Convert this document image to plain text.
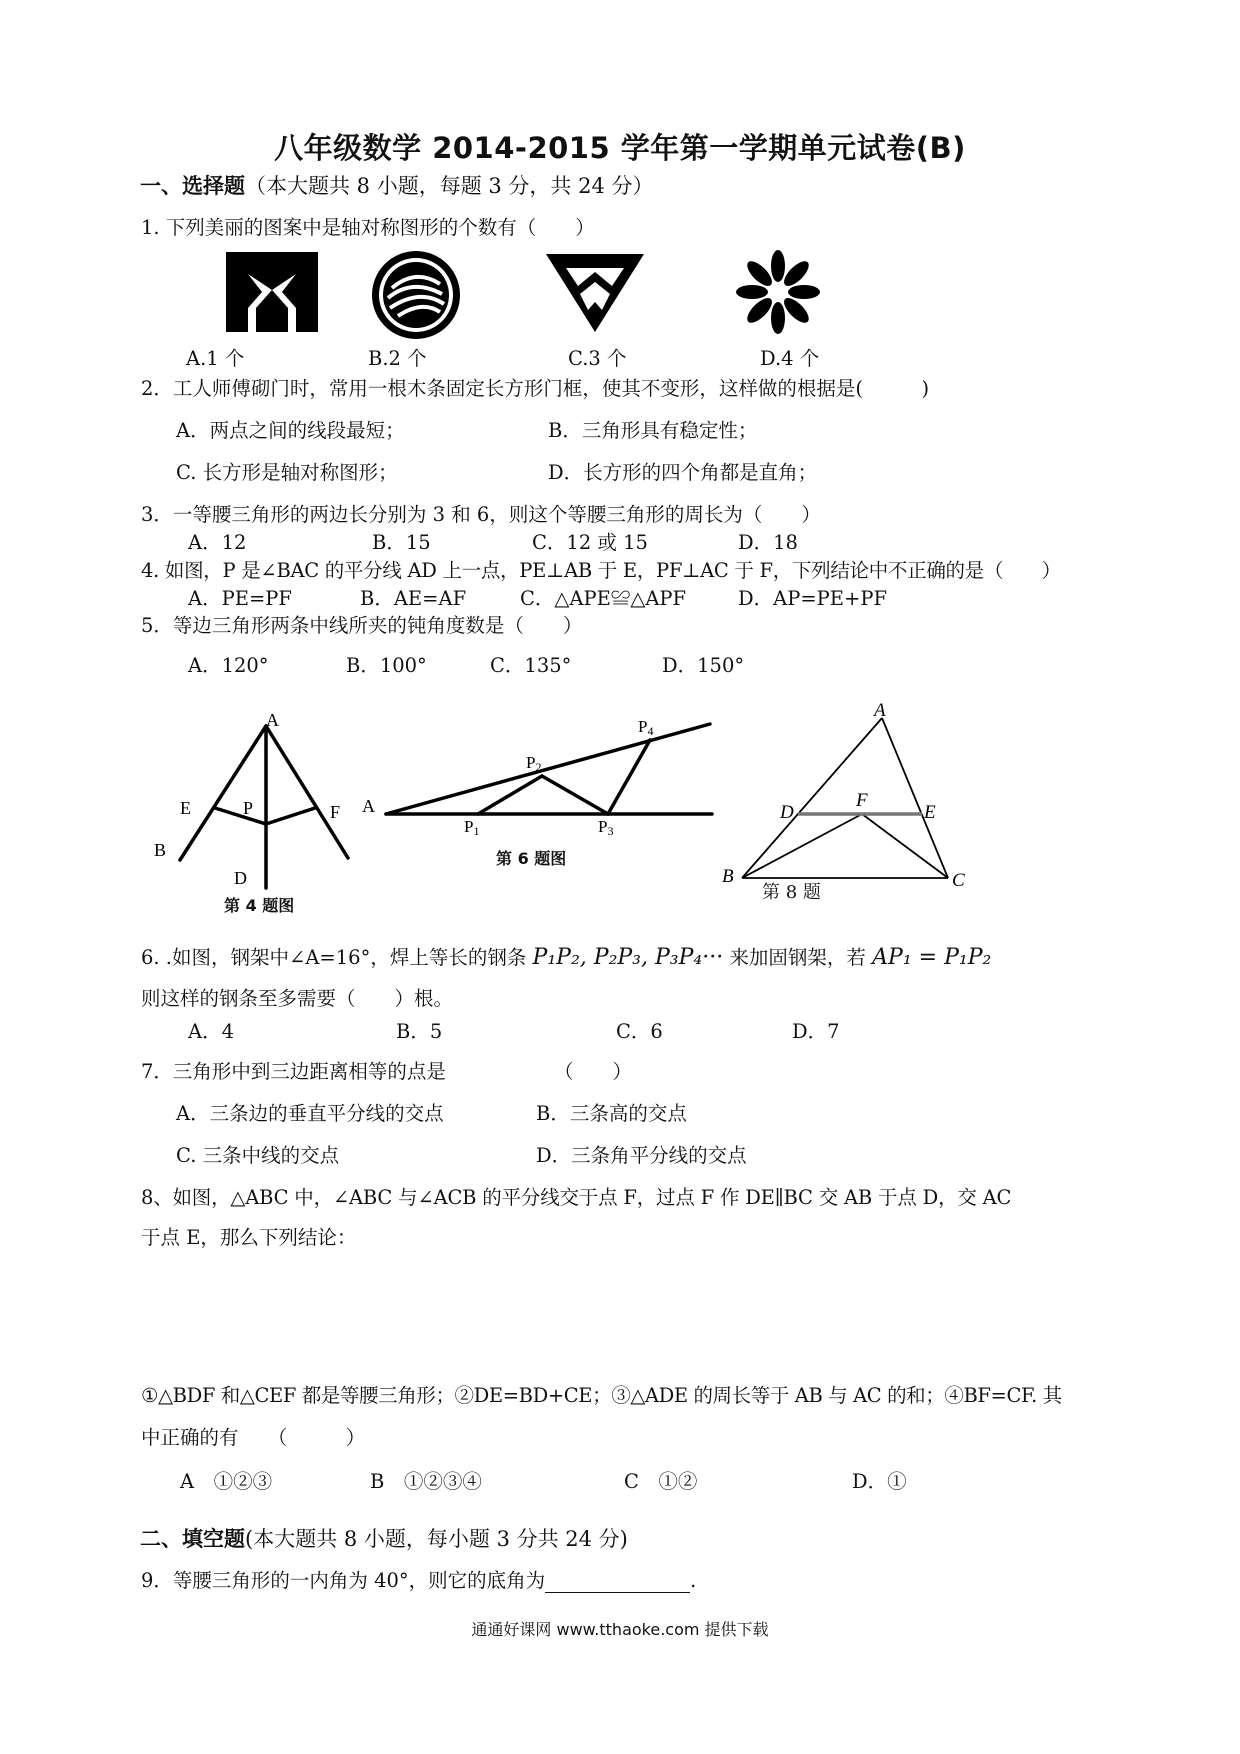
八年级数学 2014-2015 学年第一学期单元试卷(B)
一、选择题（本大题共 8 小题，每题 3 分，共 24 分）
1. 下列美丽的图案中是轴对称图形的个数有（　　）
A.1 个	B.2 个	C.3 个	D.4 个
2．工人师傅砌门时，常用一根木条固定长方形门框，使其不变形，这样做的根据是(　　　)
A．两点之间的线段最短；	B．三角形具有稳定性；
C. 长方形是轴对称图形；	D．长方形的四个角都是直角；
3．一等腰三角形的两边长分别为 3 和 6，则这个等腰三角形的周长为（　　）
A．12	B．15	C．12 或 15	D．18
4. 如图，P 是∠BAC 的平分线 AD 上一点，PE⊥AB 于 E，PF⊥AC 于 F，下列结论中不正确的是（　　）
A．PE=PF	B．AE=AF	C．△APE≌△APF	D．AP=PE+PF
5．等边三角形两条中线所夹的钝角度数是（　　）
A．120°	B．100°	C．135°	D．150°
A
B
E	P	F
D
第 4 题图
A
P1
P2
P3
P4
第 6 题图
A
B	C
D	E
F
第 8 题
6. .如图，钢架中∠A=16°，焊上等长的钢条 P₁P₂, P₂P₃, P₃P₄··· 来加固钢架，若 AP₁ = P₁P₂
则这样的钢条至多需要（　　）根。
A．4	B．5	C．6	D．7
7．三角形中到三边距离相等的点是	（　　）
A．三条边的垂直平分线的交点	B．三条高的交点
C. 三条中线的交点	D．三条角平分线的交点
8、如图，△ABC 中，∠ABC 与∠ACB 的平分线交于点 F，过点 F 作 DE∥BC 交 AB 于点 D，交 AC
于点 E，那么下列结论：
①△BDF 和△CEF 都是等腰三角形；②DE=BD+CE；③△ADE 的周长等于 AB 与 AC 的和；④BF=CF. 其
中正确的有　　（　　　）
A　①②③	B　①②③④	C　①②	D．①
二、填空题(本大题共 8 小题，每小题 3 分共 24 分)
9．等腰三角形的一内角为 40°，则它的底角为	.
通通好课网 www.tthaoke.com 提供下载
